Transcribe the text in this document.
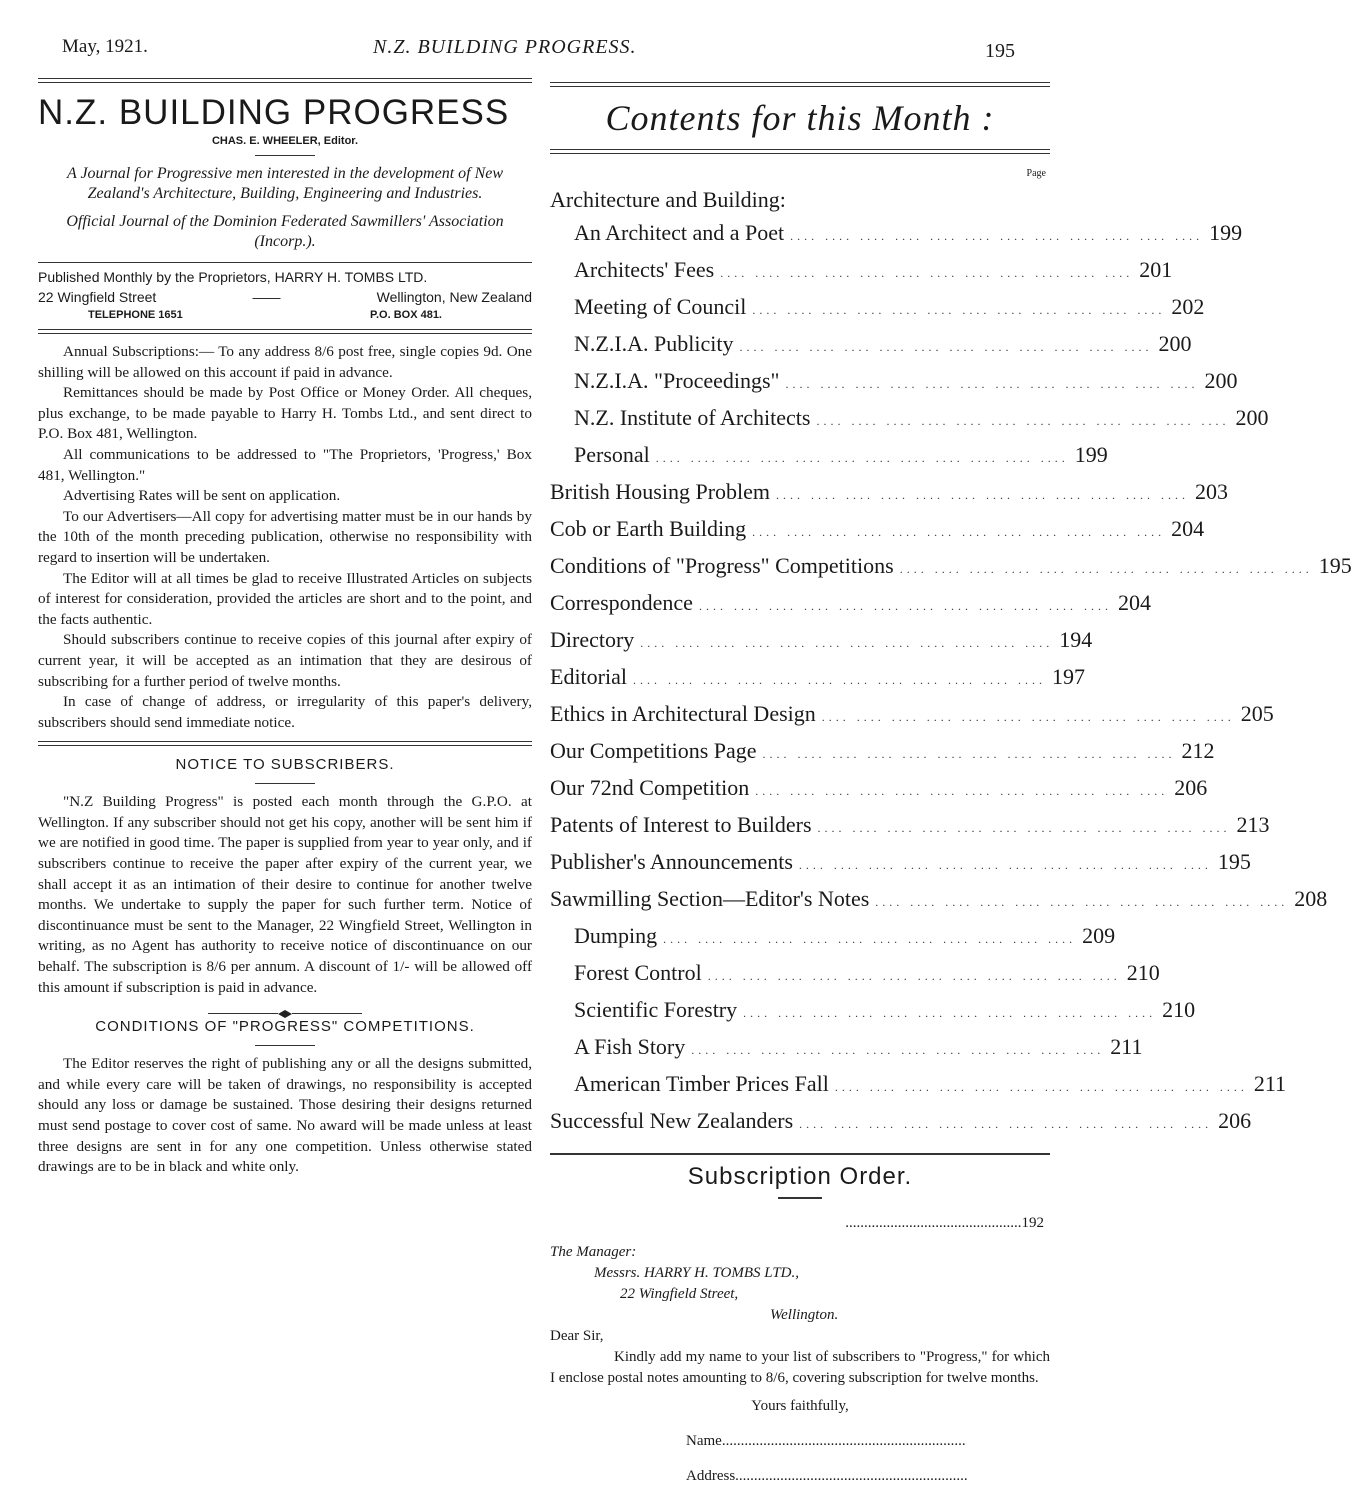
May, 1921.	N.Z. BUILDING PROGRESS.	195
N.Z. BUILDING PROGRESS
CHAS. E. WHEELER, Editor.
A Journal for Progressive men interested in the development of New Zealand's Architecture, Building, Engineering and Industries.
Official Journal of the Dominion Federated Sawmillers' Association (Incorp.).
Published Monthly by the Proprietors, HARRY H. TOMBS LTD.
22 Wingfield Street	——	Wellington, New Zealand
TELEPHONE 1651	P.O. BOX 481.

Annual Subscriptions:— To any address 8/6 post free, single copies 9d. One shilling will be allowed on this account if paid in advance.

Remittances should be made by Post Office or Money Order. All cheques, plus exchange, to be made payable to Harry H. Tombs Ltd., and sent direct to P.O. Box 481, Wellington.

All communications to be addressed to "The Proprietors, 'Progress,' Box 481, Wellington."

Advertising Rates will be sent on application.

To our Advertisers—All copy for advertising matter must be in our hands by the 10th of the month preceding publication, otherwise no responsibility with regard to insertion will be undertaken.

The Editor will at all times be glad to receive Illustrated Articles on subjects of interest for consideration, provided the articles are short and to the point, and the facts authentic.

Should subscribers continue to receive copies of this journal after expiry of current year, it will be accepted as an intimation that they are desirous of subscribing for a further period of twelve months.

In case of change of address, or irregularity of this paper's delivery, subscribers should send immediate notice.

NOTICE TO SUBSCRIBERS.

"N.Z Building Progress" is posted each month through the G.P.O. at Wellington. If any subscriber should not get his copy, another will be sent him if we are notified in good time. The paper is supplied from year to year only, and if subscribers continue to receive the paper after expiry of the current year, we shall accept it as an intimation of their desire to continue for another twelve months. We undertake to supply the paper for such further term. Notice of discontinuance must be sent to the Manager, 22 Wingfield Street, Wellington in writing, as no Agent has authority to receive notice of discontinuance on our behalf. The subscription is 8/6 per annum. A discount of 1/- will be allowed off this amount if subscription is paid in advance.

CONDITIONS OF "PROGRESS" COMPETITIONS.

The Editor reserves the right of publishing any or all the designs submitted, and while every care will be taken of drawings, no responsibility is accepted should any loss or damage be sustained. Those desiring their designs returned must send postage to cover cost of same. No award will be made unless at least three designs are sent in for any one competition. Unless otherwise stated drawings are to be in black and white only.

Contents for this Month :
Page
Architecture and Building:
An Architect and a Poet .... .... .... .... .... .... .... .... .... .... .... .... 199
Architects' Fees .... .... .... .... .... .... .... .... .... .... .... .... 201
Meeting of Council .... .... .... .... .... .... .... .... .... .... .... .... 202
N.Z.I.A. Publicity .... .... .... .... .... .... .... .... .... .... .... .... 200
N.Z.I.A. "Proceedings" .... .... .... .... .... .... .... .... .... .... .... .... 200
N.Z. Institute of Architects .... .... .... .... .... .... .... .... .... .... .... .... 200
Personal .... .... .... .... .... .... .... .... .... .... .... .... 199
British Housing Problem .... .... .... .... .... .... .... .... .... .... .... .... 203
Cob or Earth Building .... .... .... .... .... .... .... .... .... .... .... .... 204
Conditions of "Progress" Competitions .... .... .... .... .... .... .... .... .... .... .... .... 195
Correspondence .... .... .... .... .... .... .... .... .... .... .... .... 204
Directory .... .... .... .... .... .... .... .... .... .... .... .... 194
Editorial .... .... .... .... .... .... .... .... .... .... .... .... 197
Ethics in Architectural Design .... .... .... .... .... .... .... .... .... .... .... .... 205
Our Competitions Page .... .... .... .... .... .... .... .... .... .... .... .... 212
Our 72nd Competition .... .... .... .... .... .... .... .... .... .... .... .... 206
Patents of Interest to Builders .... .... .... .... .... .... .... .... .... .... .... .... 213
Publisher's Announcements .... .... .... .... .... .... .... .... .... .... .... .... 195
Sawmilling Section—Editor's Notes .... .... .... .... .... .... .... .... .... .... .... .... 208
Dumping .... .... .... .... .... .... .... .... .... .... .... .... 209
Forest Control .... .... .... .... .... .... .... .... .... .... .... .... 210
Scientific Forestry .... .... .... .... .... .... .... .... .... .... .... .... 210
A Fish Story .... .... .... .... .... .... .... .... .... .... .... .... 211
American Timber Prices Fall .... .... .... .... .... .... .... .... .... .... .... .... 211
Successful New Zealanders .... .... .... .... .... .... .... .... .... .... .... .... 206
Subscription Order.
...............................................192
The Manager:
Messrs. HARRY H. TOMBS LTD.,
22 Wingfield Street,
Wellington.
Dear Sir,

Kindly add my name to your list of subscribers to "Progress," for which I enclose postal notes amounting to 8/6, covering subscription for twelve months.

Yours faithfully,
Name.................................................................
Address..............................................................
